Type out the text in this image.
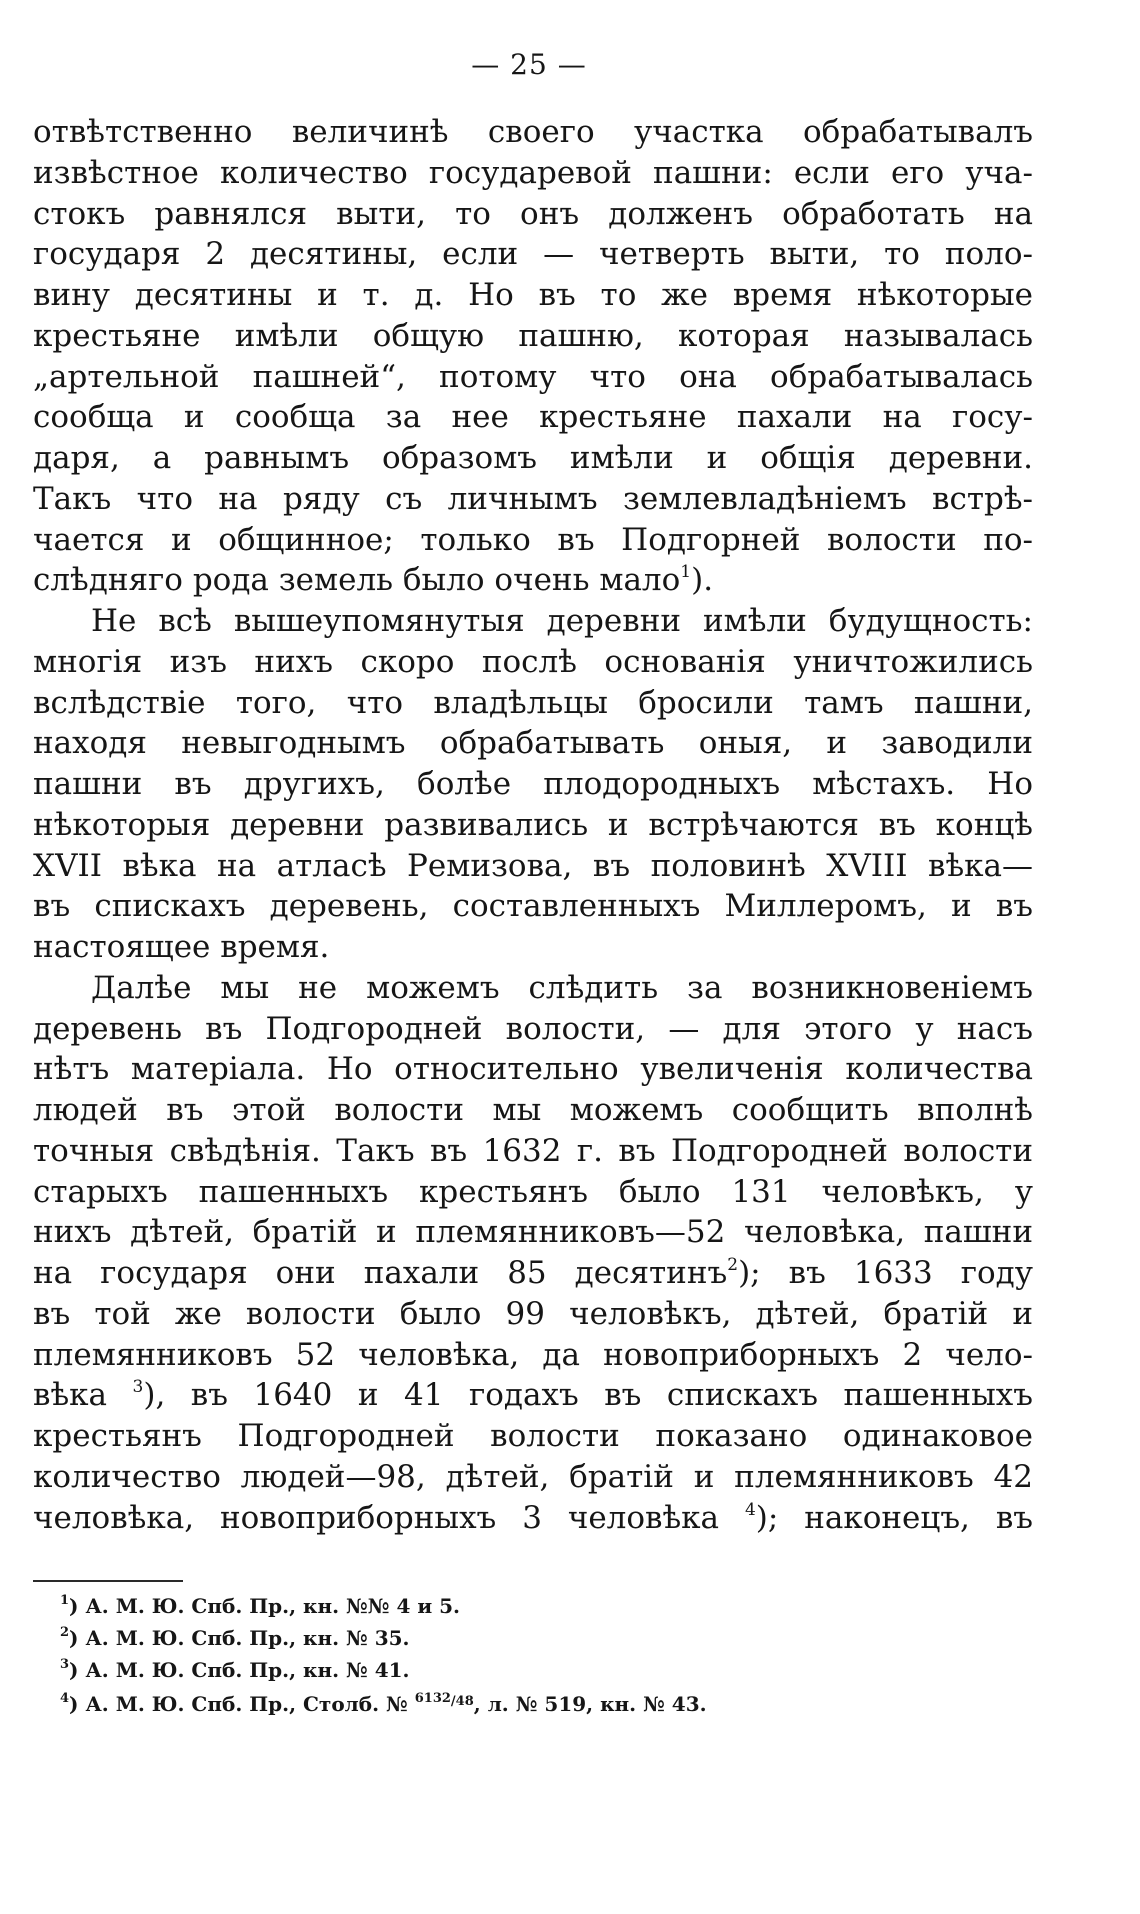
— 25 —
отвѣтственно величинѣ своего участка обрабатывалъ
извѣстное количество государевой пашни: если его уча-
стокъ равнялся выти, то онъ долженъ обработать на
государя 2 десятины, если — четверть выти, то поло-
вину десятины и т. д. Но въ то же время нѣкоторые
крестьяне имѣли общую пашню, которая называлась
„артельной пашней“, потому что она обрабатывалась
сообща и сообща за нее крестьяне пахали на госу-
даря, а равнымъ образомъ имѣли и общія деревни.
Такъ что на ряду съ личнымъ землевладѣніемъ встрѣ-
чается и общинное; только въ Подгорней волости по-
слѣдняго рода земель было очень мало$^1$).
Не всѣ вышеупомянутыя деревни имѣли будущность:
многія изъ нихъ скоро послѣ основанія уничтожились
вслѣдствіе того, что владѣльцы бросили тамъ пашни,
находя невыгоднымъ обрабатывать оныя, и заводили
пашни въ другихъ, болѣе плодородныхъ мѣстахъ. Но
нѣкоторыя деревни развивались и встрѣчаются въ концѣ
XVII вѣка на атласѣ Ремизова, въ половинѣ XVIII вѣка—
въ спискахъ деревень, составленныхъ Миллеромъ, и въ
настоящее время.
Далѣе мы не можемъ слѣдить за возникновеніемъ
деревень въ Подгородней волости, — для этого у насъ
нѣтъ матеріала. Но относительно увеличенія количества
людей въ этой волости мы можемъ сообщить вполнѣ
точныя свѣдѣнія. Такъ въ 1632 г. въ Подгородней волости
старыхъ пашенныхъ крестьянъ было 131 человѣкъ, у
нихъ дѣтей, братій и племянниковъ—52 человѣка, пашни
на государя они пахали 85 десятинъ$^2$); въ 1633 году
въ той же волости было 99 человѣкъ, дѣтей, братій и
племянниковъ 52 человѣка, да новоприборныхъ 2 чело-
вѣка $^3$), въ 1640 и 41 годахъ въ спискахъ пашенныхъ
крестьянъ Подгородней волости показано одинаковое
количество людей—98, дѣтей, братій и племянниковъ 42
человѣка, новоприборныхъ 3 человѣка $^4$); наконецъ, въ
$^1$) А. М. Ю. Спб. Пр., кн. №№ 4 и 5.
$^2$) А. М. Ю. Спб. Пр., кн. № 35.
$^3$) А. М. Ю. Спб. Пр., кн. № 41.
$^4$) А. М. Ю. Спб. Пр., Столб. № $^{6132/48}$, л. № 519, кн. № 43.
